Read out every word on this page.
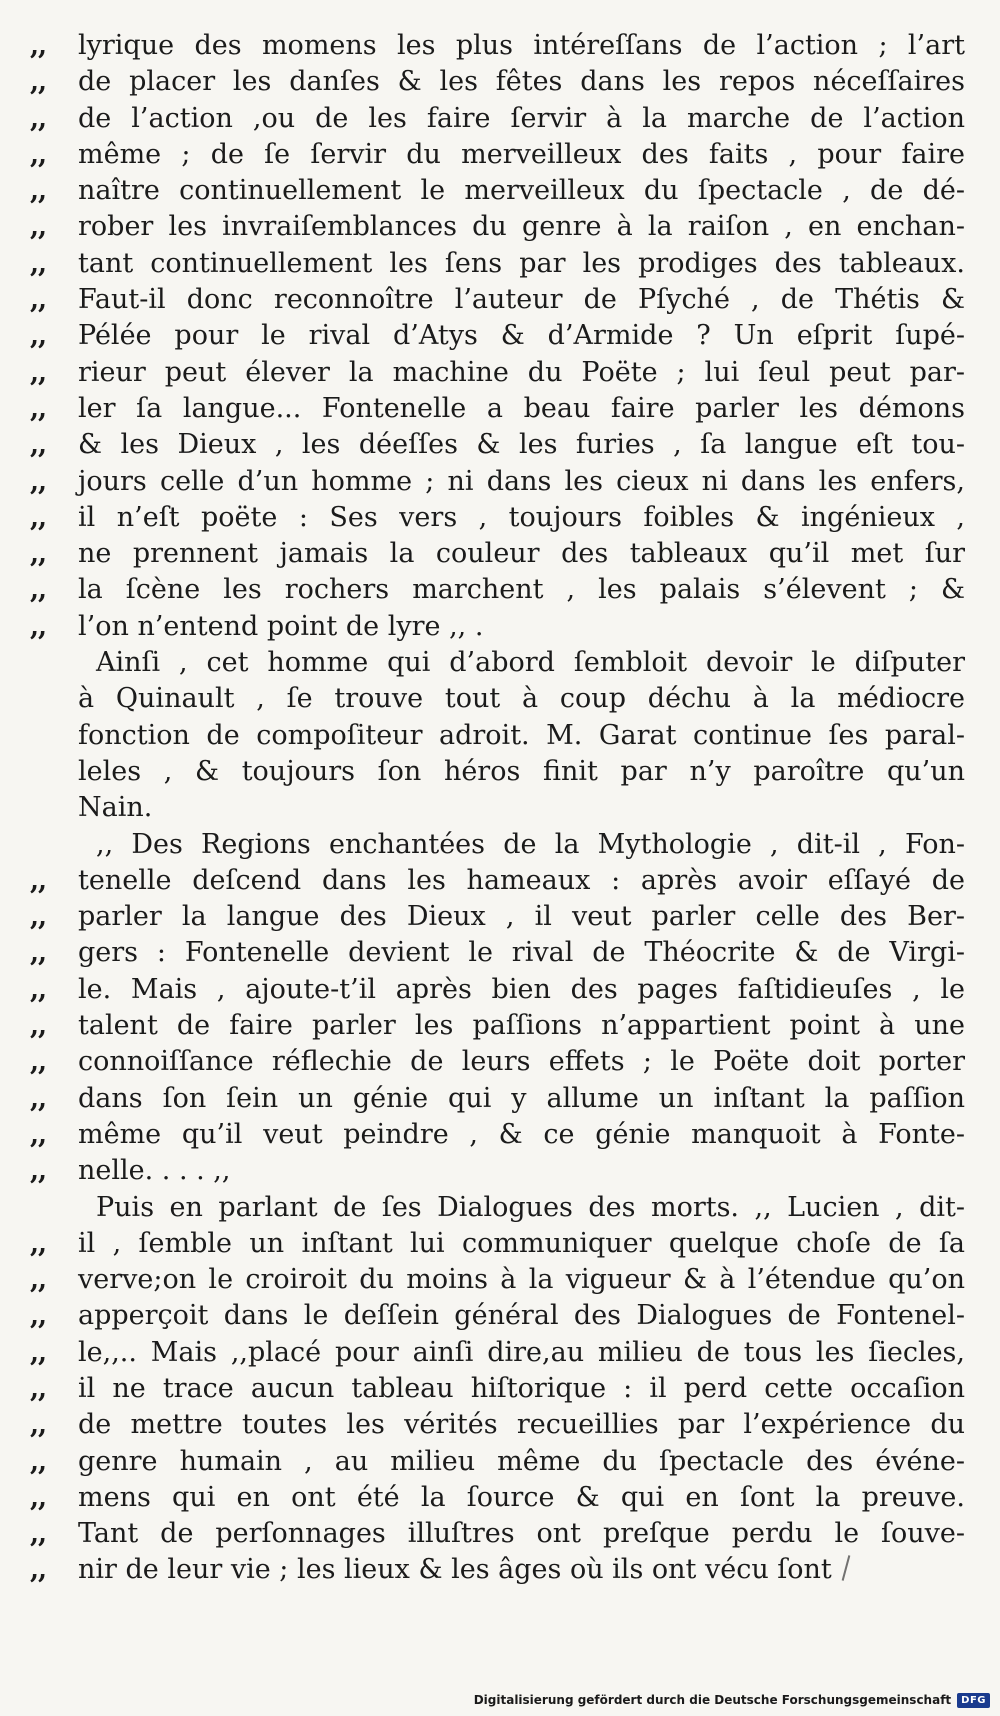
,,	lyrique des momens les plus intéreſſans de l’action ; l’art
,,	de placer les danſes & les fêtes dans les repos néceſſaires
,,	de l’action ,ou de les faire ſervir à la marche de l’action
,,	même ; de ſe ſervir du merveilleux des faits , pour faire
,,	naître continuellement le merveilleux du ſpectacle , de dé-
,,	rober les invraiſemblances du genre à la raiſon , en enchan-
,,	tant continuellement les ſens par les prodiges des tableaux.
,,	Faut-il donc reconnoître l’auteur de Pſyché , de Thétis &
,,	Pélée pour le rival d’Atys & d’Armide ? Un eſprit ſupé-
,,	rieur peut élever la machine du Poëte ; lui ſeul peut par-
,,	ler ſa langue... Fontenelle a beau faire parler les démons
,,	& les Dieux , les déeſſes & les furies , ſa langue eſt tou-
,,	jours celle d’un homme ; ni dans les cieux ni dans les enfers,
,,	il n’eſt poëte : Ses vers , toujours foibles & ingénieux ,
,,	ne prennent jamais la couleur des tableaux qu’il met ſur
,,	la ſcène les rochers marchent , les palais s’élevent ; &
,,	l’on n’entend point de lyre ,, .
Ainſi , cet homme qui d’abord ſembloit devoir le diſputer
à Quinault , ſe trouve tout à coup déchu à la médiocre
fonction de compoſiteur adroit. M. Garat continue ſes paral-
leles , & toujours ſon héros finit par n’y paroître qu’un
Nain.
,, Des Regions enchantées de la Mythologie , dit-il , Fon-
,,	tenelle deſcend dans les hameaux : après avoir eſſayé de
,,	parler la langue des Dieux , il veut parler celle des Ber-
,,	gers : Fontenelle devient le rival de Théocrite & de Virgi-
,,	le. Mais , ajoute-t’il après bien des pages faſtidieuſes , le
,,	talent de faire parler les paſſions n’appartient point à une
,,	connoiſſance réflechie de leurs effets ; le Poëte doit porter
,,	dans ſon ſein un génie qui y allume un inſtant la paſſion
,,	même qu’il veut peindre , & ce génie manquoit à Fonte-
,,	nelle. . . . ,,
Puis en parlant de ſes Dialogues des morts. ,, Lucien , dit-
,,	il , ſemble un inſtant lui communiquer quelque choſe de ſa
,,	verve;on le croiroit du moins à la vigueur & à l’étendue qu’on
,,	apperçoit dans le deſſein général des Dialogues de Fontenel-
,,	le,,.. Mais ,,placé pour ainſi dire,au milieu de tous les ſiecles,
,,	il ne trace aucun tableau hiſtorique : il perd cette occaſion
,,	de mettre toutes les vérités recueillies par l’expérience du
,,	genre humain , au milieu même du ſpectacle des événe-
,,	mens qui en ont été la ſource & qui en ſont la preuve.
,,	Tant de perſonnages illuſtres ont preſque perdu le ſouve-
,,	nir de leur vie ; les lieux & les âges où ils ont vécu ſont
Digitalisierung gefördert durch die Deutsche Forschungsgemeinschaft	DFG
